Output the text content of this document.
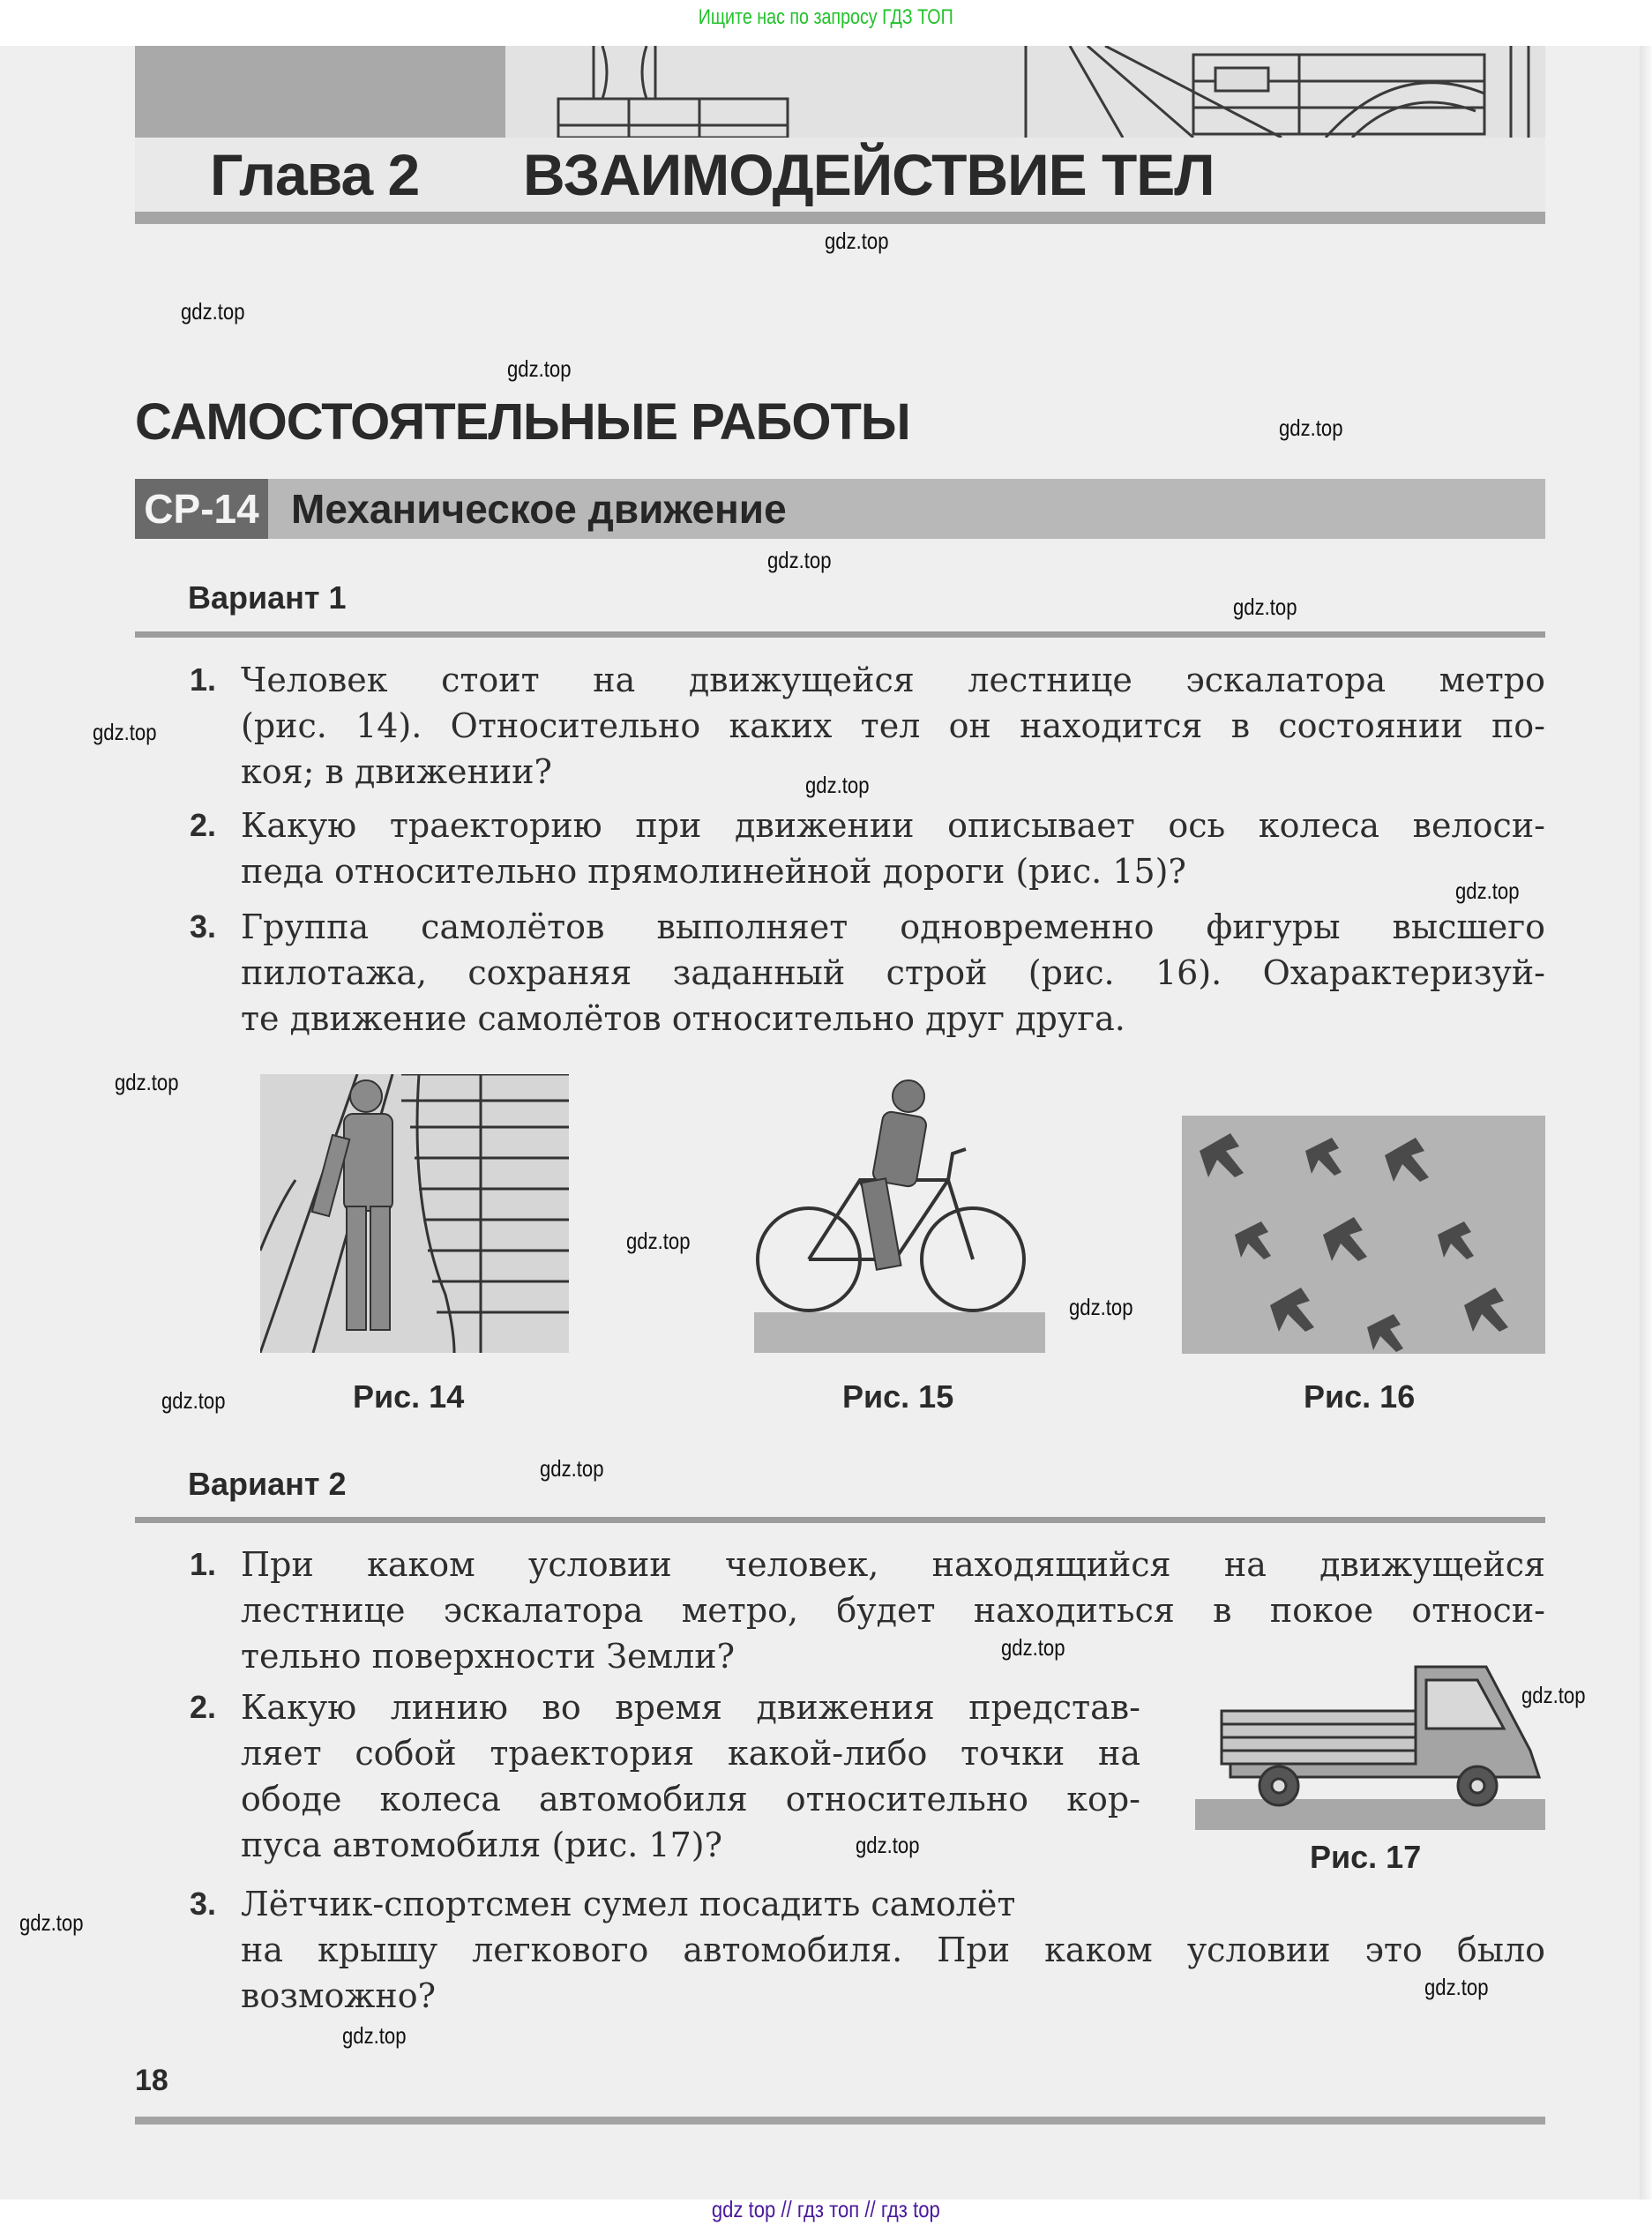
Ищите нас по запросу ГДЗ ТОП
Глава 2 ВЗАИМОДЕЙСТВИЕ ТЕЛ
САМОСТОЯТЕЛЬНЫЕ РАБОТЫ
СР-14 Механическое движение
Вариант 1
1. Человек стоит на движущейся лестнице эскалатора метро
(рис. 14). Относительно каких тел он находится в состоянии по-
коя; в движении?
2. Какую траекторию при движении описывает ось колеса велоси-
педа относительно прямолинейной дороги (рис. 15)?
3. Группа самолётов выполняет одновременно фигуры высшего
пилотажа, сохраняя заданный строй (рис. 16). Охарактеризуй-
те движение самолётов относительно друг друга.
Рис. 14	Рис. 15	Рис. 16
Вариант 2
1. При каком условии человек, находящийся на движущейся
лестнице эскалатора метро, будет находиться в покое относи-
тельно поверхности Земли?
2. Какую линию во время движения представ-
ляет собой траектория какой-либо точки на
ободе колеса автомобиля относительно кор-
пуса автомобиля (рис. 17)?
3. Лётчик-спортсмен сумел посадить самолёт
на крышу легкового автомобиля. При каком условии это было
возможно?
Рис. 17
18
gdz.top
gdz.top
gdz.top
gdz.top
gdz.top
gdz.top
gdz.top
gdz.top
gdz.top
gdz.top
gdz.top
gdz.top
gdz.top
gdz.top
gdz.top
gdz.top
gdz.top
gdz.top
gdz.top
gdz.top
gdz top // гдз топ // гдз top
